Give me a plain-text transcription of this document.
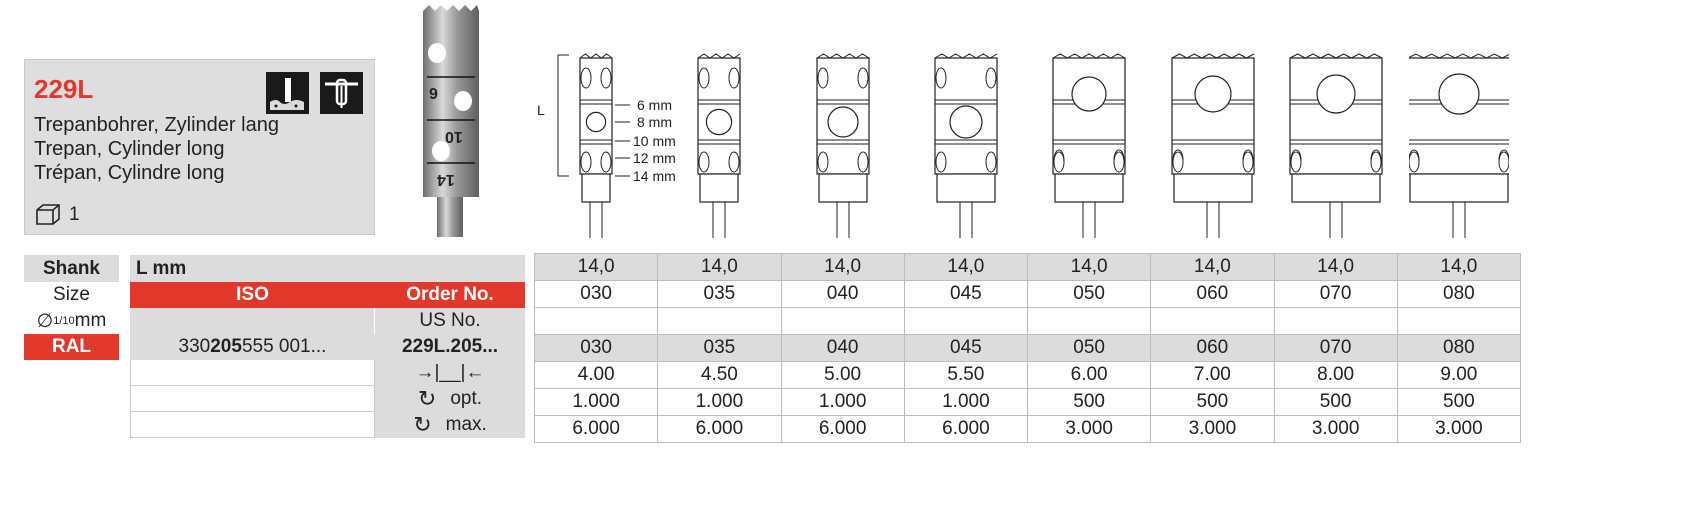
229L
Trepanbohrer, Zylinder lang
Trepan, Cylinder long
Trépan, Cylindre long
1
6
10
14
L	6 mm
8 mm
10 mm
12 mm
14 mm
Shank	L mm
Size	ISO	Order No.
∅ 1 /10 mm	US No.
RAL	330 205 555 001...	229L.205...
→|__|←
↻ opt.
↻ max.
14,0	14,0	14,0	14,0	14,0	14,0	14,0	14,0
030	035	040	045	050	060	070	080

030	035	040	045	050	060	070	080
4.00	4.50	5.00	5.50	6.00	7.00	8.00	9.00
1.000	1.000	1.000	1.000	500	500	500	500
6.000	6.000	6.000	6.000	3.000	3.000	3.000	3.000
